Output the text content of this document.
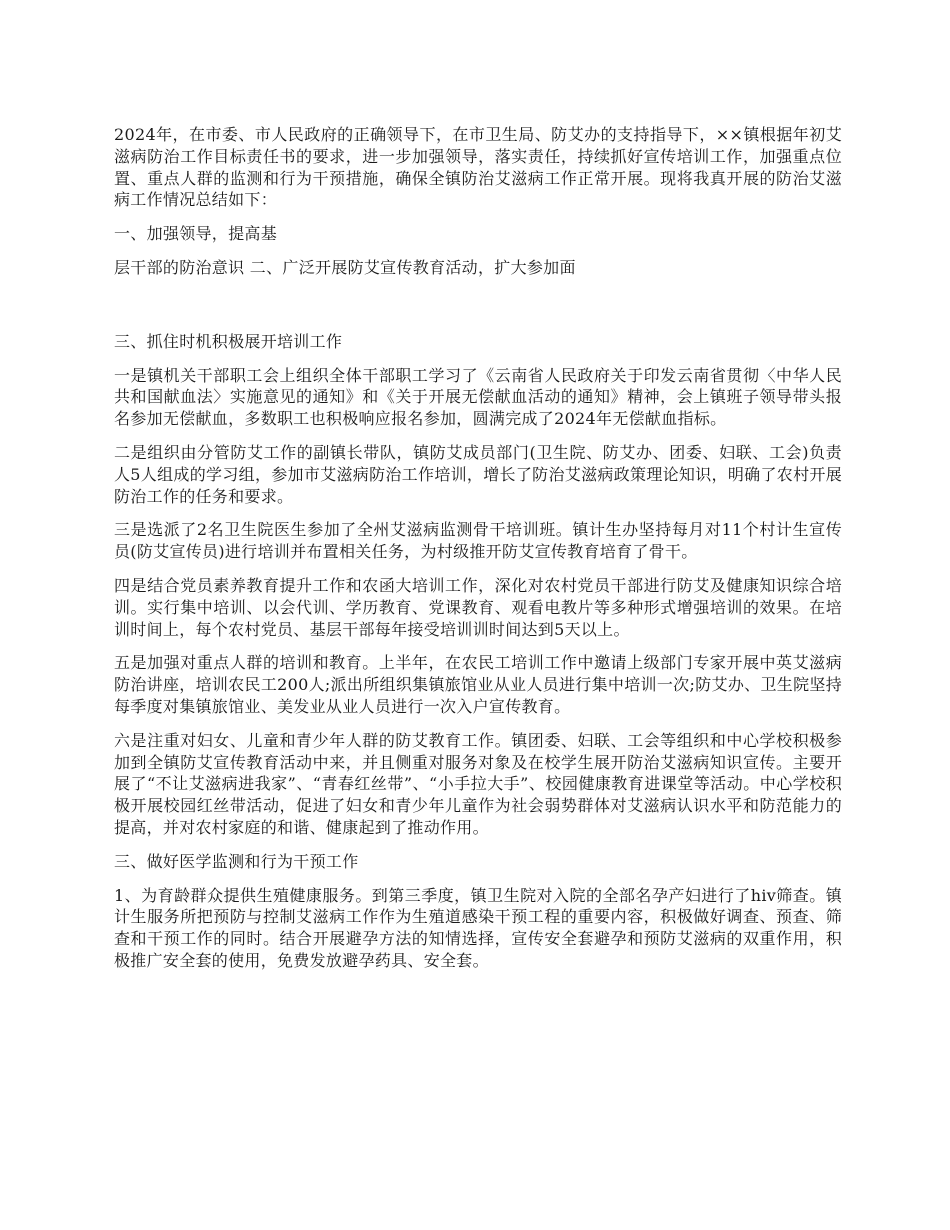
2024年，在市委、市人民政府的正确领导下，在市卫生局、防艾办的支持指导下，××镇根据年初艾滋病防治工作目标责任书的要求，进一步加强领导，落实责任，持续抓好宣传培训工作，加强重点位置、重点人群的监测和行为干预措施，确保全镇防治艾滋病工作正常开展。现将我真开展的防治艾滋病工作情况总结如下：

一、加强领导，提高基

层干部的防治意识 二、广泛开展防艾宣传教育活动，扩大参加面

三、抓住时机积极展开培训工作

一是镇机关干部职工会上组织全体干部职工学习了《云南省人民政府关于印发云南省贯彻〈中华人民共和国献血法〉实施意见的通知》和《关于开展无偿献血活动的通知》精神，会上镇班子领导带头报名参加无偿献血，多数职工也积极响应报名参加，圆满完成了2024年无偿献血指标。

二是组织由分管防艾工作的副镇长带队，镇防艾成员部门(卫生院、防艾办、团委、妇联、工会)负责人5人组成的学习组，参加市艾滋病防治工作培训，增长了防治艾滋病政策理论知识，明确了农村开展防治工作的任务和要求。

三是选派了2名卫生院医生参加了全州艾滋病监测骨干培训班。镇计生办坚持每月对11个村计生宣传员(防艾宣传员)进行培训并布置相关任务，为村级推开防艾宣传教育培育了骨干。

四是结合党员素养教育提升工作和农函大培训工作，深化对农村党员干部进行防艾及健康知识综合培训。实行集中培训、以会代训、学历教育、党课教育、观看电教片等多种形式增强培训的效果。在培训时间上，每个农村党员、基层干部每年接受培训训时间达到5天以上。

五是加强对重点人群的培训和教育。上半年，在农民工培训工作中邀请上级部门专家开展中英艾滋病防治讲座，培训农民工200人;派出所组织集镇旅馆业从业人员进行集中培训一次;防艾办、卫生院坚持每季度对集镇旅馆业、美发业从业人员进行一次入户宣传教育。

六是注重对妇女、儿童和青少年人群的防艾教育工作。镇团委、妇联、工会等组织和中心学校积极参加到全镇防艾宣传教育活动中来，并且侧重对服务对象及在校学生展开防治艾滋病知识宣传。主要开展了“不让艾滋病进我家”、“青春红丝带”、“小手拉大手”、校园健康教育进课堂等活动。中心学校积极开展校园红丝带活动，促进了妇女和青少年儿童作为社会弱势群体对艾滋病认识水平和防范能力的提高，并对农村家庭的和谐、健康起到了推动作用。

三、做好医学监测和行为干预工作

1、为育龄群众提供生殖健康服务。到第三季度，镇卫生院对入院的全部名孕产妇进行了hiv筛查。镇计生服务所把预防与控制艾滋病工作作为生殖道感染干预工程的重要内容，积极做好调查、预查、筛查和干预工作的同时。结合开展避孕方法的知情选择，宣传安全套避孕和预防艾滋病的双重作用，积极推广安全套的使用，免费发放避孕药具、安全套。
